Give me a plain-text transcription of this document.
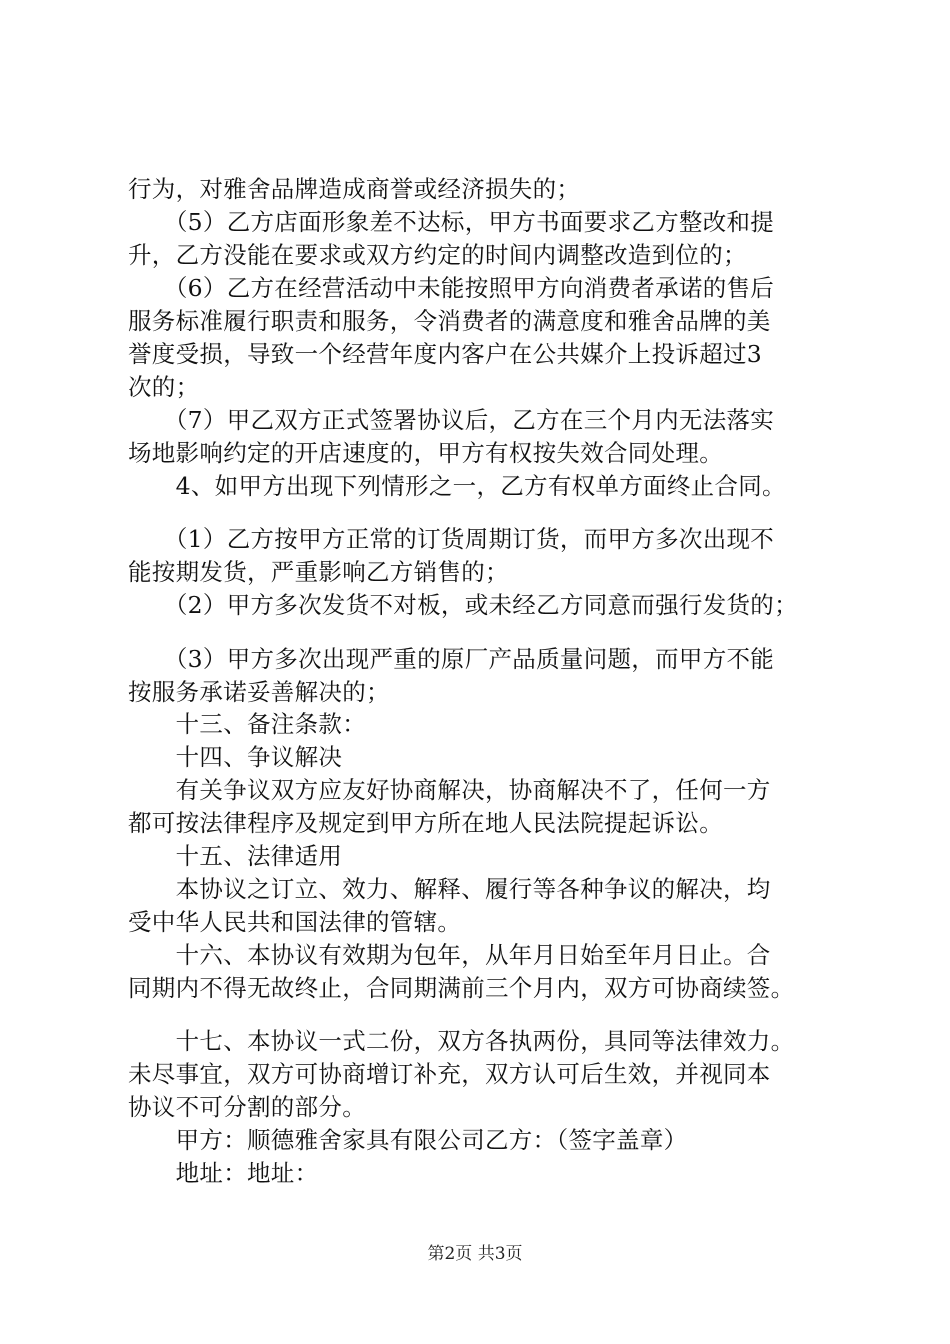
行为，对雅舍品牌造成商誉或经济损失的；
　　（5）乙方店面形象差不达标，甲方书面要求乙方整改和提
升，乙方没能在要求或双方约定的时间内调整改造到位的；
　　（6）乙方在经营活动中未能按照甲方向消费者承诺的售后
服务标准履行职责和服务，令消费者的满意度和雅舍品牌的美
誉度受损，导致一个经营年度内客户在公共媒介上投诉超过3
次的；
　　（7）甲乙双方正式签署协议后，乙方在三个月内无法落实
场地影响约定的开店速度的，甲方有权按失效合同处理。
　　4、如甲方出现下列情形之一，乙方有权单方面终止合同。
　　（1）乙方按甲方正常的订货周期订货，而甲方多次出现不
能按期发货，严重影响乙方销售的；
　　（2）甲方多次发货不对板，或未经乙方同意而强行发货的；
　　（3）甲方多次出现严重的原厂产品质量问题，而甲方不能
按服务承诺妥善解决的；
　　十三、备注条款：
　　十四、争议解决
　　有关争议双方应友好协商解决，协商解决不了，任何一方
都可按法律程序及规定到甲方所在地人民法院提起诉讼。
　　十五、法律适用
　　本协议之订立、效力、解释、履行等各种争议的解决，均
受中华人民共和国法律的管辖。
　　十六、本协议有效期为包年，从年月日始至年月日止。合
同期内不得无故终止，合同期满前三个月内，双方可协商续签。
　　十七、本协议一式二份，双方各执两份，具同等法律效力。
未尽事宜，双方可协商增订补充，双方认可后生效，并视同本
协议不可分割的部分。
　　甲方：顺德雅舍家具有限公司乙方：（签字盖章）
　　地址：地址：
第2页 共3页
